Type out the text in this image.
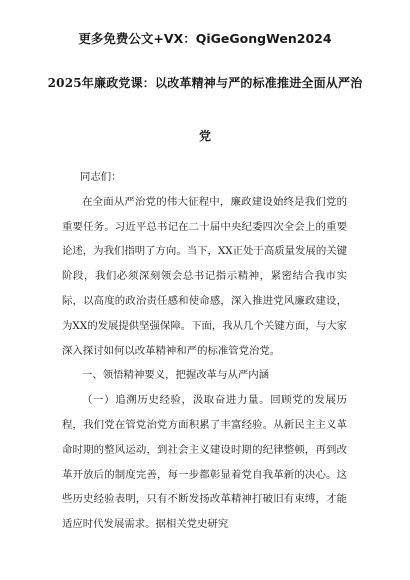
更多免费公文+VX：QiGeGongWen2024
2025年廉政党课：以改革精神与严的标准推进全面从严治
党

同志们：

在全面从严治党的伟大征程中，廉政建设始终是我们党的重要任务。习近平总书记在二十届中央纪委四次全会上的重要论述，为我们指明了方向。当下，XX正处于高质量发展的关键阶段，我们必须深刻领会总书记指示精神，紧密结合我市实际，以高度的政治责任感和使命感，深入推进党风廉政建设，为XX的发展提供坚强保障。下面，我从几个关键方面，与大家深入探讨如何以改革精神和严的标准管党治党。

一、领悟精神要义，把握改革与从严内涵

（一）追溯历史经验，汲取奋进力量。回顾党的发展历程，我们党在管党治党方面积累了丰富经验。从新民主主义革命时期的整风运动，到社会主义建设时期的纪律整顿，再到改革开放后的制度完善，每一步都彰显着党自我革新的决心。这些历史经验表明，只有不断发扬改革精神打破旧有束缚，才能适应时代发展需求。据相关党史研究
